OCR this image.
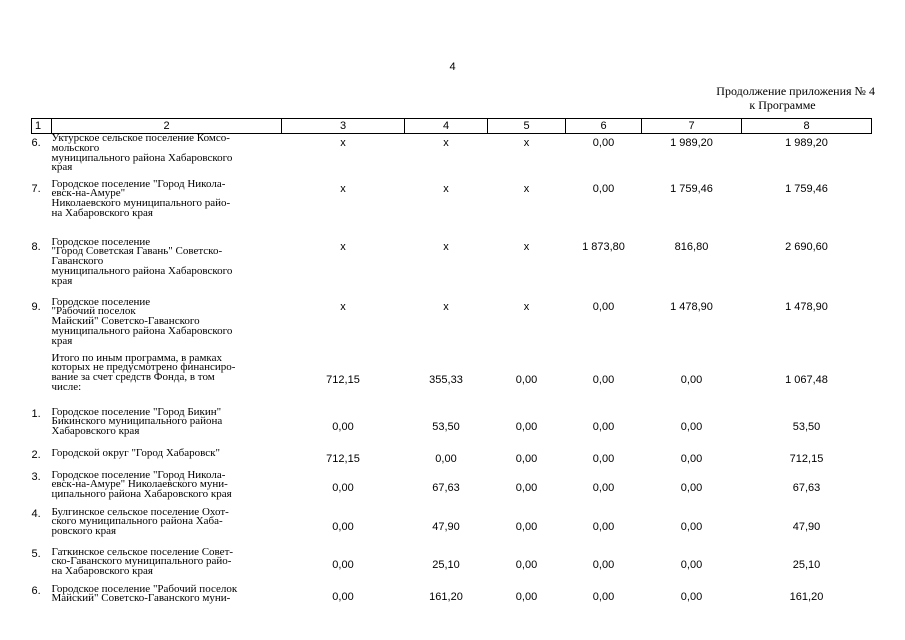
4
Продолжение приложения № 4
к Программе
1	2	3	4	5	6	7	8
6.	Уктурское сельское поселение Комсо-
мольского
муниципального района Хабаровского
края	x	x	x	0,00	1 989,20	1 989,20
7.	Городское поселение "Город Никола-
евск-на-Амуре"
Николаевского муниципального райо-
на Хабаровского края	x	x	x	0,00	1 759,46	1 759,46
8.	Городское поселение
"Город Советская Гавань" Советско-
Гаванского
муниципального района Хабаровского
края	x	x	x	1 873,80	816,80	2 690,60
9.	Городское поселение
"Рабочий поселок
Майский" Советско-Гаванского
муниципального района Хабаровского
края	x	x	x	0,00	1 478,90	1 478,90

	Итого по иным программа, в рамках
которых не предусмотрено финансиро-
вание за счет средств Фонда, в том
числе:	712,15	355,33	0,00	0,00	0,00	1 067,48
1.	Городское поселение "Город Бикин"
Бикинского муниципального района
Хабаровского края	0,00	53,50	0,00	0,00	0,00	53,50
2.	Городской округ "Город Хабаровск"	712,15	0,00	0,00	0,00	0,00	712,15
3.	Городское поселение "Город Никола-
евск-на-Амуре" Николаевского муни-
ципального района Хабаровского края	0,00	67,63	0,00	0,00	0,00	67,63
4.	Булгинское сельское поселение Охот-
ского муниципального района Хаба-
ровского края	0,00	47,90	0,00	0,00	0,00	47,90
5.	Гаткинское сельское поселение Совет-
ско-Гаванского муниципального райо-
на Хабаровского края	0,00	25,10	0,00	0,00	0,00	25,10
6.	Городское поселение "Рабочий поселок
Майский" Советско-Гаванского муни-	0,00	161,20	0,00	0,00	0,00	161,20
